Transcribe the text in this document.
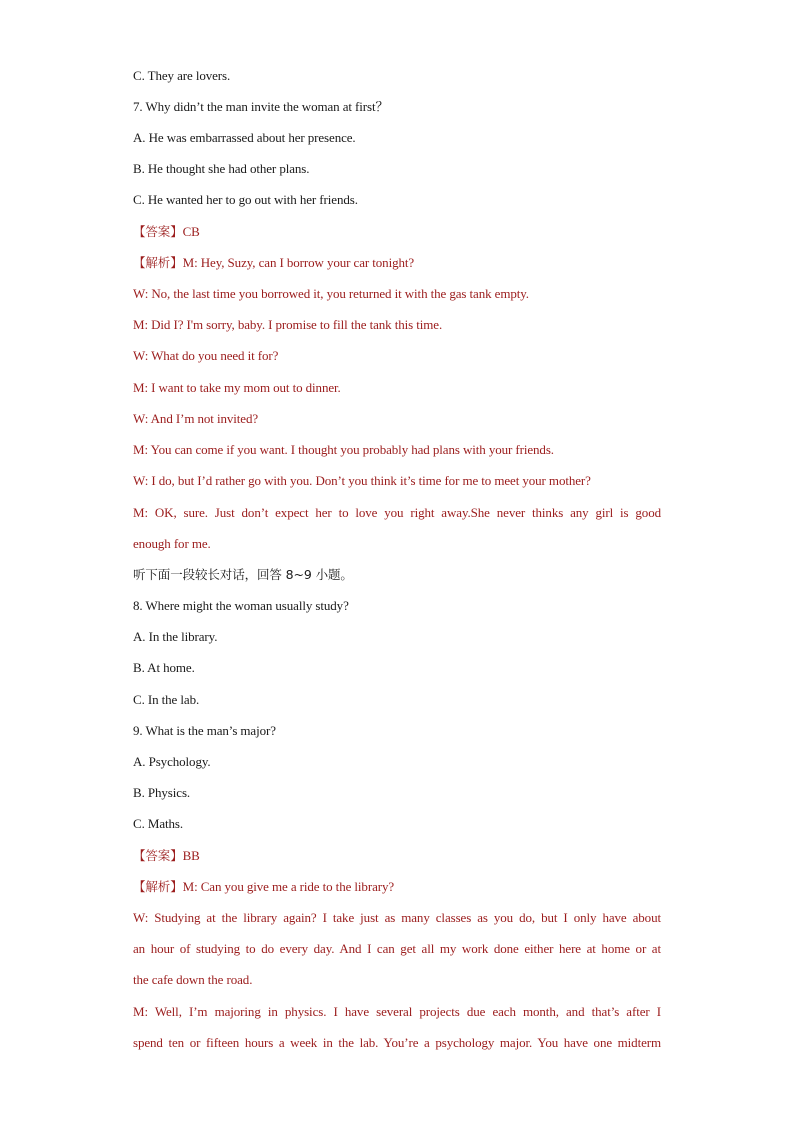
C. They are lovers.
7. Why didn’t the man invite the woman at first？
A. He was embarrassed about her presence.
B. He thought she had other plans.
C. He wanted her to go out with her friends.
【答案】CB
【解析】M: Hey, Suzy, can I borrow your car tonight?
W: No, the last time you borrowed it, you returned it with the gas tank empty.
M: Did I? I'm sorry, baby. I promise to fill the tank this time.
W: What do you need it for?
M: I want to take my mom out to dinner.
W: And I’m not invited?
M: You can come if you want. I thought you probably had plans with your friends.
W: I do, but I’d rather go with you. Don’t you think it’s time for me to meet your mother?
M: OK, sure. Just don’t expect her to love you right away.She never thinks any girl is good
enough for me.
听下面一段较长对话，回答 8~9 小题。
8. Where might the woman usually study?
A. In the library.
B. At home.
C. In the lab.
9. What is the man’s major?
A. Psychology.
B. Physics.
C. Maths.
【答案】BB
【解析】M: Can you give me a ride to the library?
W: Studying at the library again? I take just as many classes as you do, but I only have about
an hour of studying to do every day. And I can get all my work done either here at home or at
the cafe down the road.
M: Well, I’m majoring in physics. I have several projects due each month, and that’s after I
spend ten or fifteen hours a week in the lab. You’re a psychology major. You have one midterm
